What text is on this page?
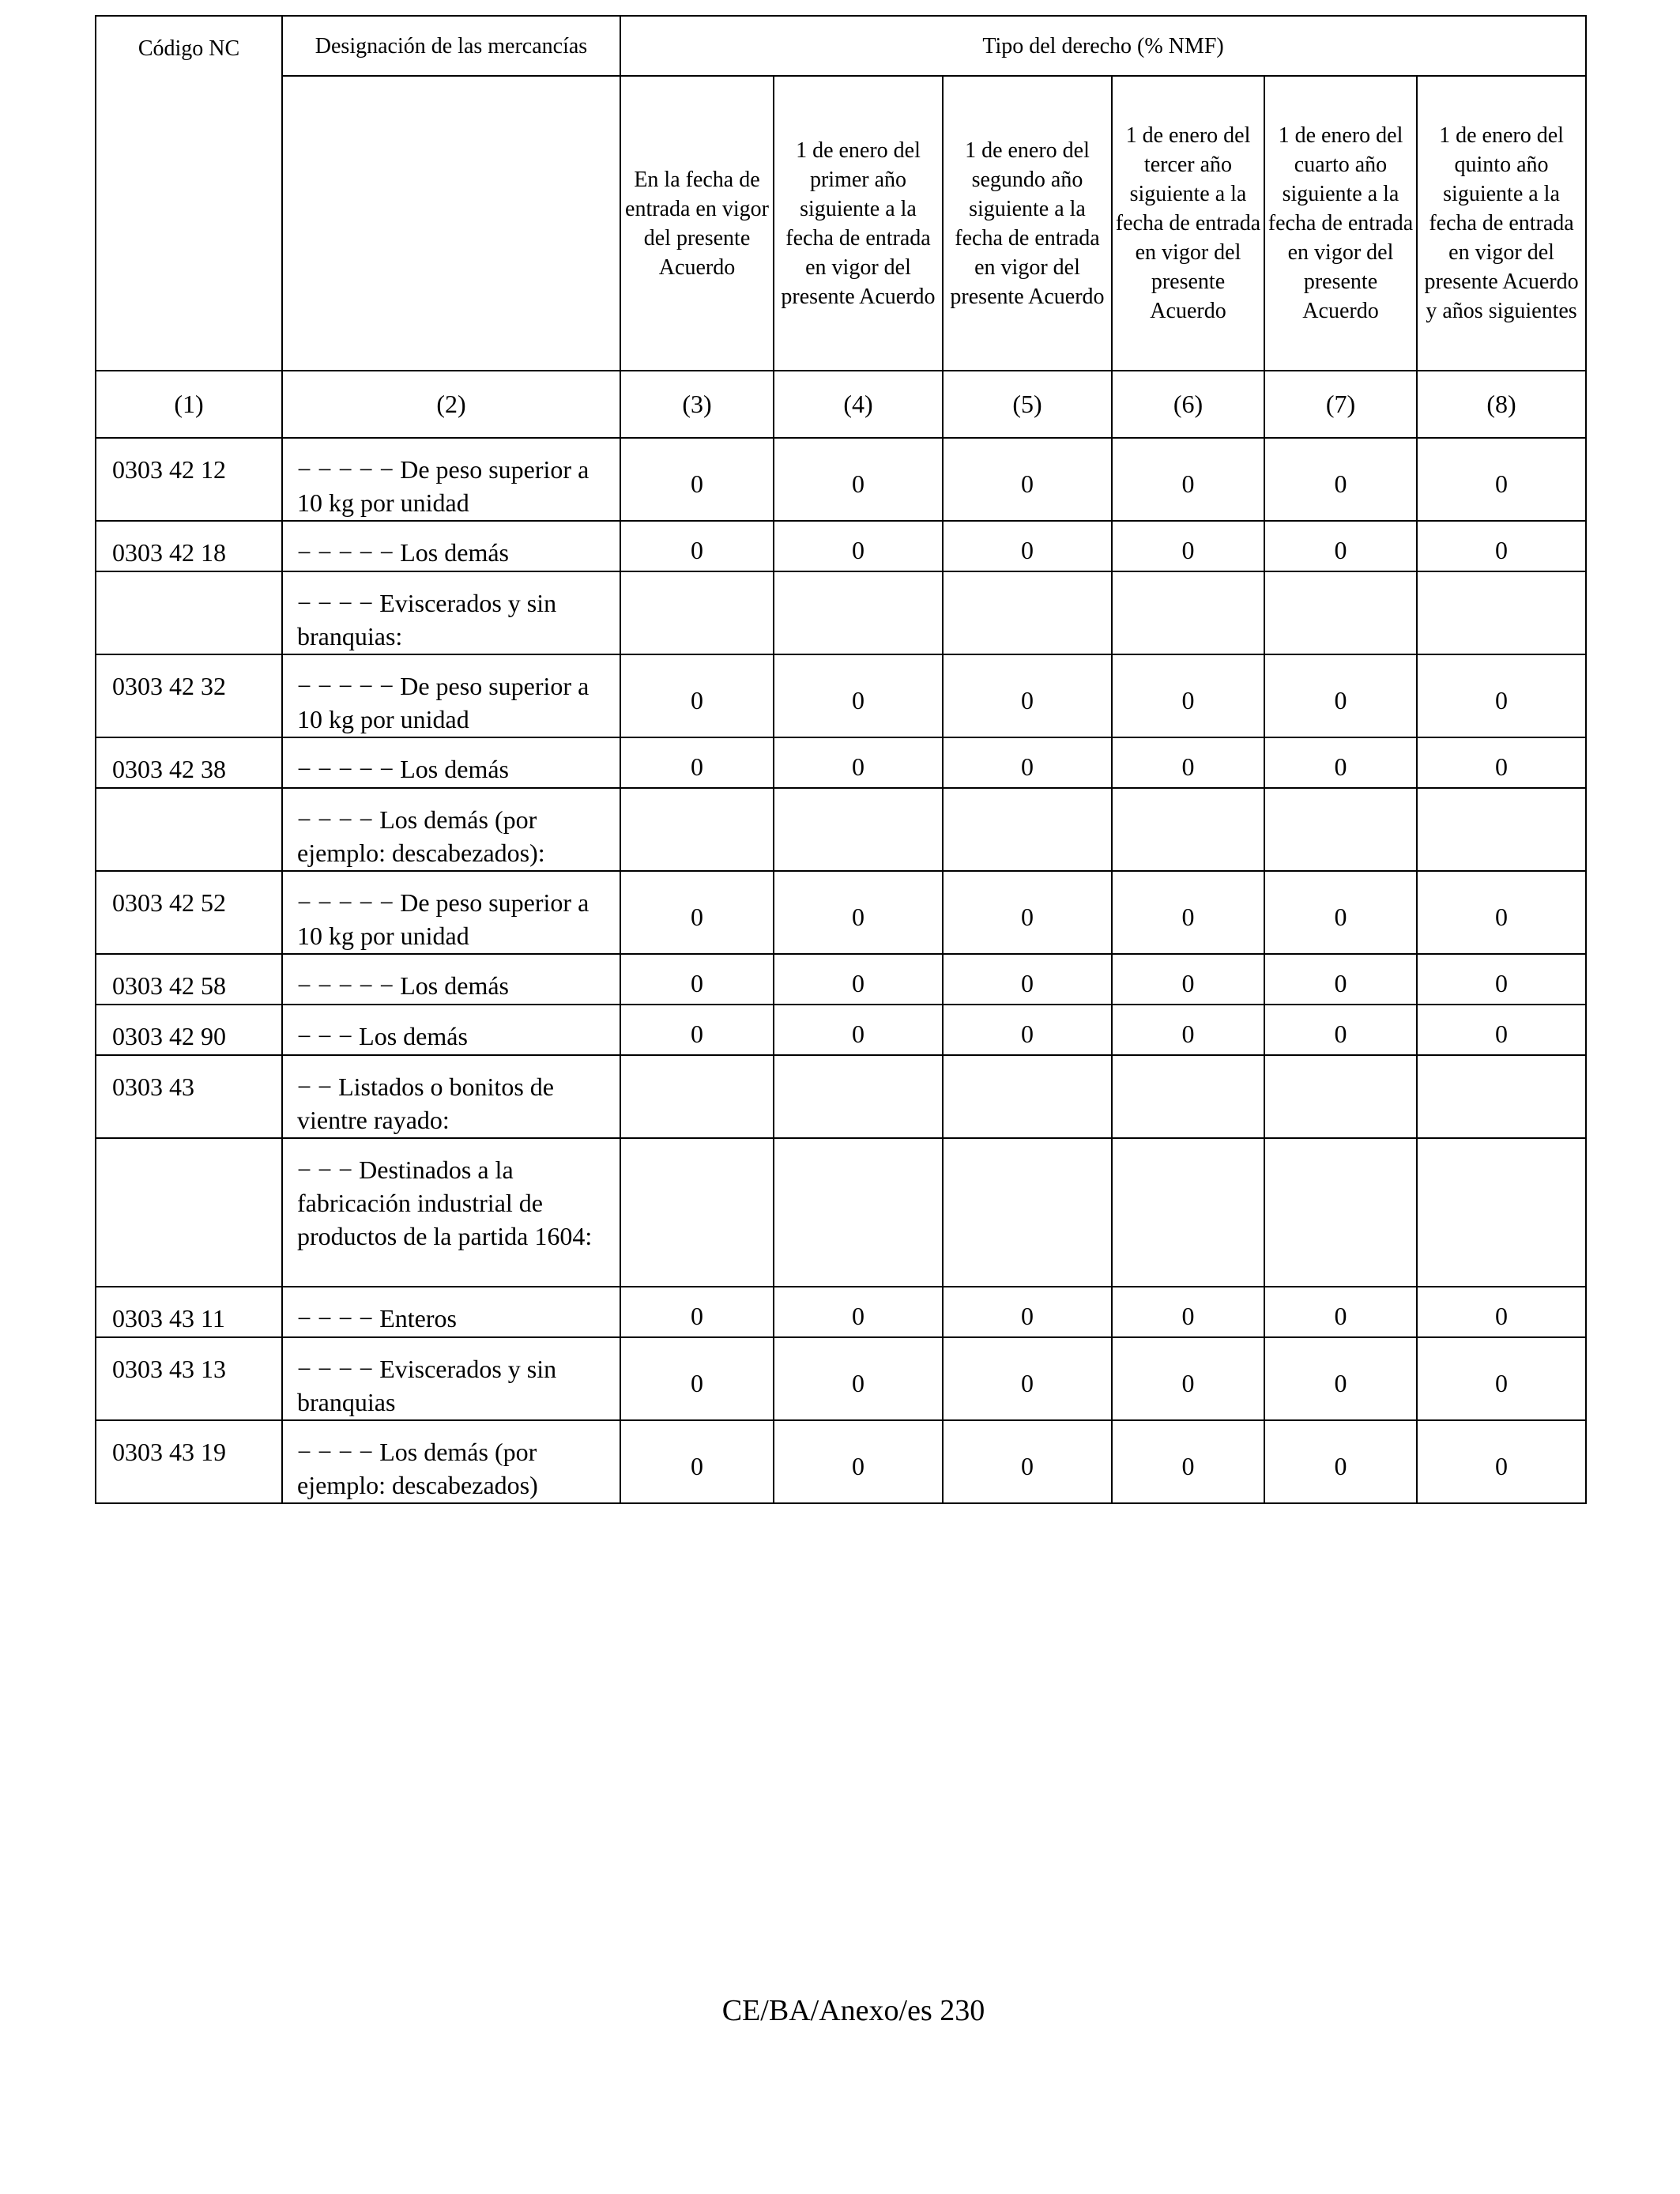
Código NC	Designación de las mercancías	Tipo del derecho (% NMF)					
		En la fecha de entrada en vigor del presente Acuerdo	1 de enero del primer año siguiente a la fecha de entrada en vigor del presente Acuerdo	1 de enero del segundo año siguiente a la fecha de entrada en vigor del presente Acuerdo	1 de enero del tercer año siguiente a la fecha de entrada en vigor del presente Acuerdo	1 de enero del cuarto año siguiente a la fecha de entrada en vigor del presente Acuerdo	1 de enero del quinto año siguiente a la fecha de entrada en vigor del presente Acuerdo y años siguientes
(1)	(2)	(3)	(4)	(5)	(6)	(7)	(8)
0303 42 12	− − − − − De peso superior a 10 kg por unidad	0	0	0	0	0	0
0303 42 18	− − − − − Los demás	0	0	0	0	0	0
	− − − − Eviscerados y sin branquias:						
0303 42 32	− − − − − De peso superior a 10 kg por unidad	0	0	0	0	0	0
0303 42 38	− − − − − Los demás	0	0	0	0	0	0
	− − − − Los demás (por ejemplo: descabezados):						
0303 42 52	− − − − − De peso superior a 10 kg por unidad	0	0	0	0	0	0
0303 42 58	− − − − − Los demás	0	0	0	0	0	0
0303 42 90	− − − Los demás	0	0	0	0	0	0
0303 43	− − Listados o bonitos de vientre rayado:						
	− − − Destinados a la fabricación industrial de productos de la partida 1604:						
0303 43 11	− − − − Enteros	0	0	0	0	0	0
0303 43 13	− − − − Eviscerados y sin branquias	0	0	0	0	0	0
0303 43 19	− − − − Los demás (por ejemplo: descabezados)	0	0	0	0	0	0
CE/BA/Anexo/es 230
